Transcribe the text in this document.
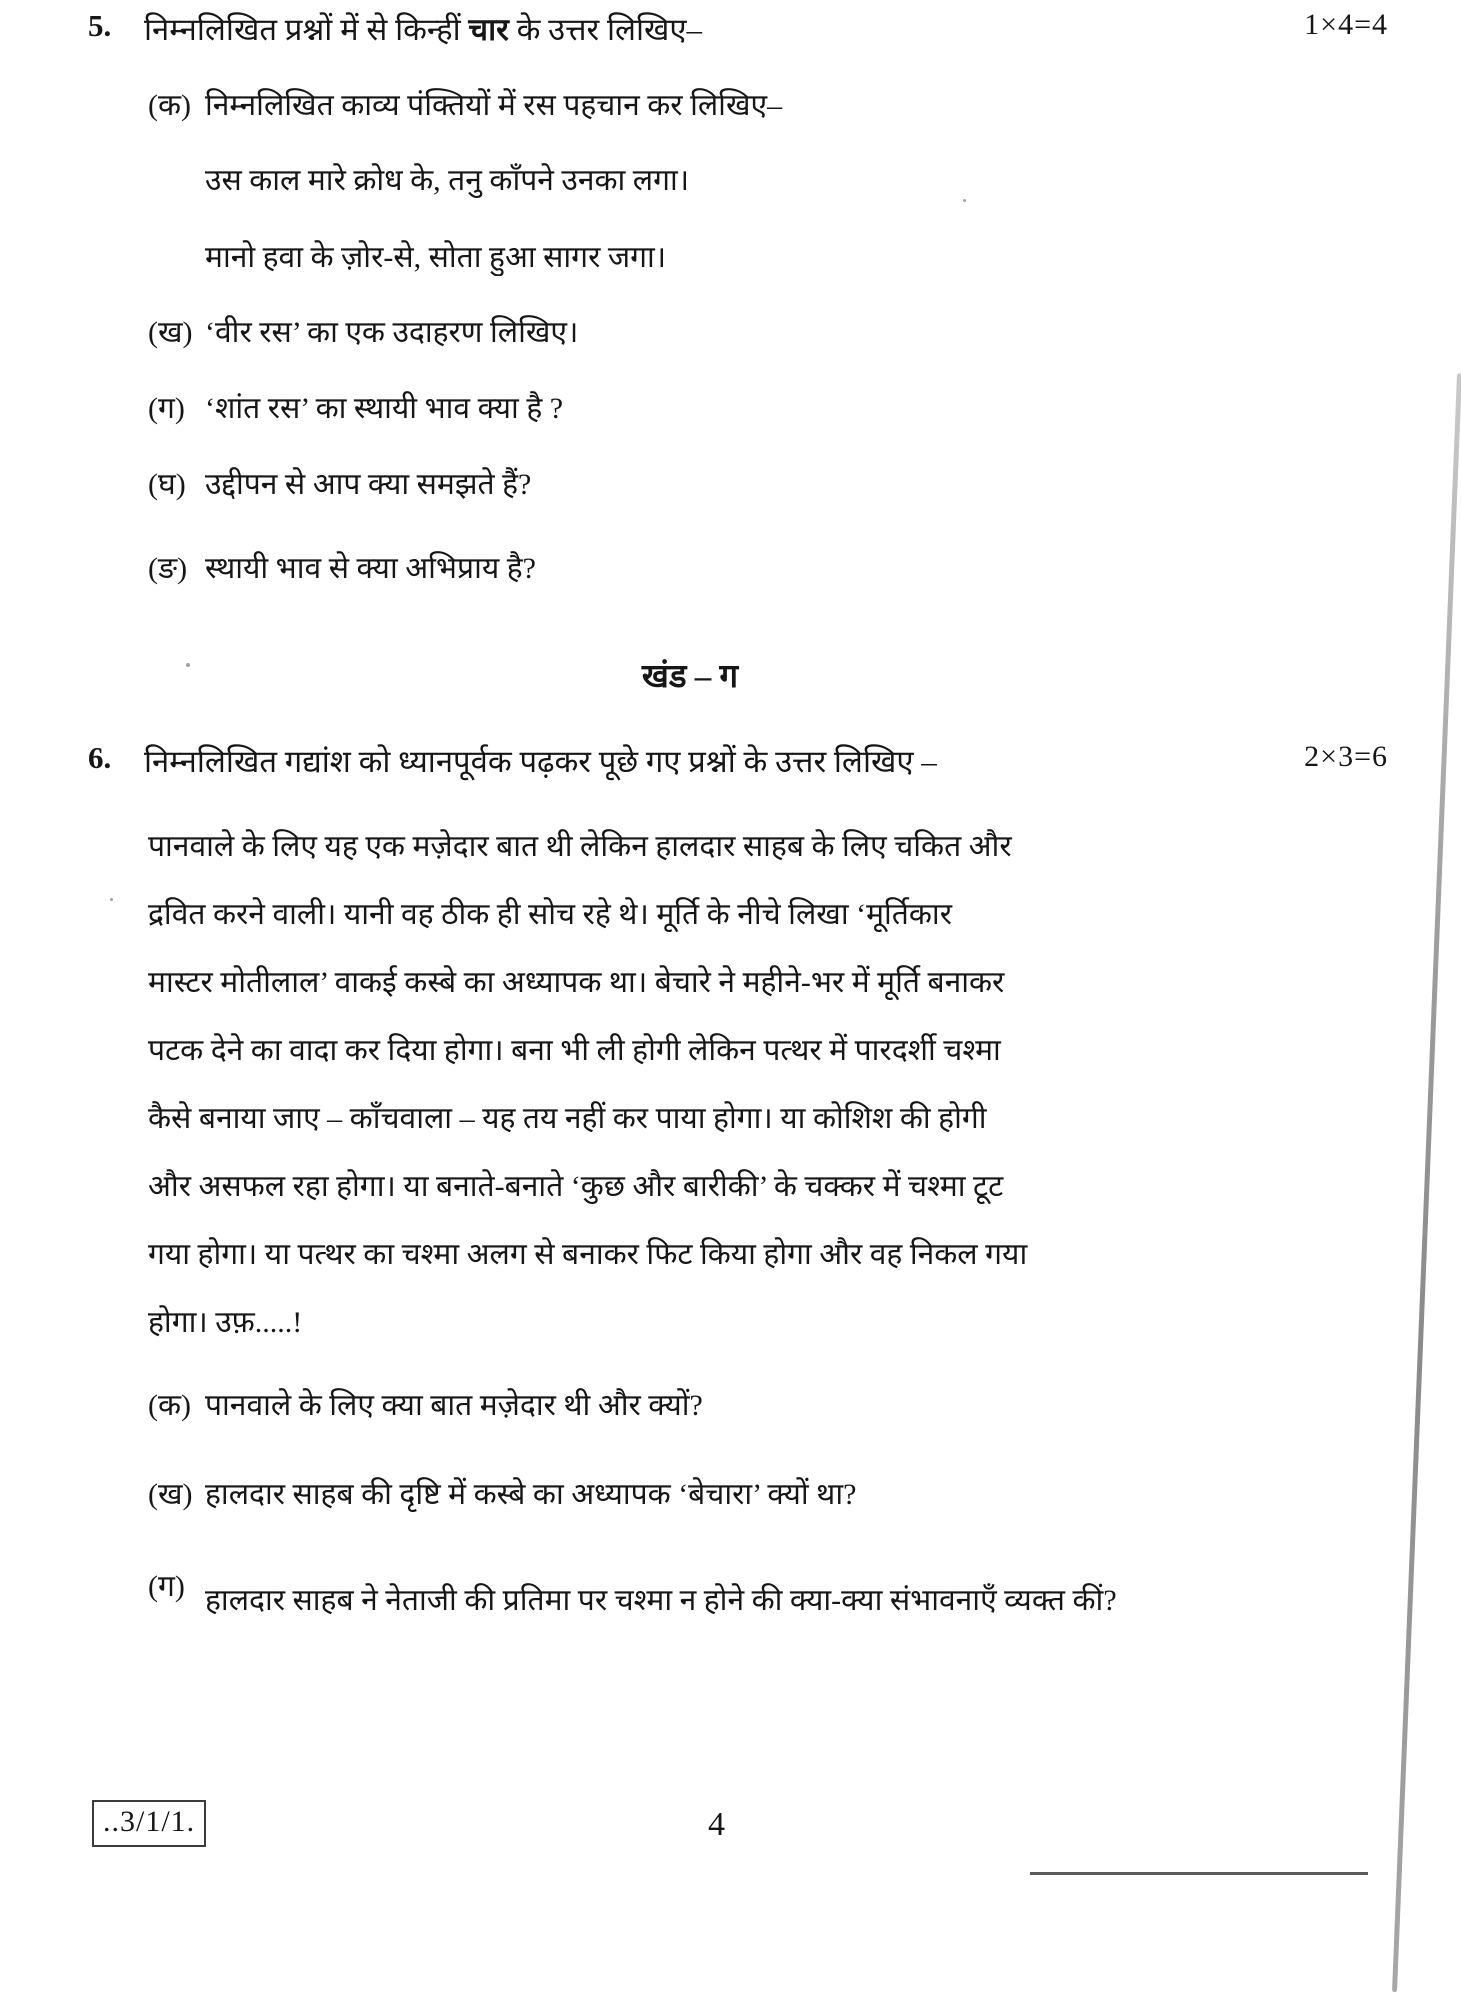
5.	निम्नलिखित प्रश्नों में से किन्हीं चार के उत्तर लिखिए–	1×4=4
(क) निम्नलिखित काव्य पंक्तियों में रस पहचान कर लिखिए–
उस काल मारे क्रोध के, तनु काँपने उनका लगा।
मानो हवा के ज़ोर-से, सोता हुआ सागर जगा।
(ख) ‘वीर रस’ का एक उदाहरण लिखिए।
(ग) ‘शांत रस’ का स्थायी भाव क्या है ?
(घ) उद्दीपन से आप क्या समझते हैं?
(ङ) स्थायी भाव से क्या अभिप्राय है?
खंड – ग
6.	निम्नलिखित गद्यांश को ध्यानपूर्वक पढ़कर पूछे गए प्रश्नों के उत्तर लिखिए –	2×3=6
पानवाले के लिए यह एक मज़ेदार बात थी लेकिन हालदार साहब के लिए चकित और
द्रवित करने वाली। यानी वह ठीक ही सोच रहे थे। मूर्ति के नीचे लिखा ‘मूर्तिकार
मास्टर मोतीलाल’ वाकई कस्बे का अध्यापक था। बेचारे ने महीने-भर में मूर्ति बनाकर
पटक देने का वादा कर दिया होगा। बना भी ली होगी लेकिन पत्थर में पारदर्शी चश्मा
कैसे बनाया जाए – काँचवाला – यह तय नहीं कर पाया होगा। या कोशिश की होगी
और असफल रहा होगा। या बनाते-बनाते ‘कुछ और बारीकी’ के चक्कर में चश्मा टूट
गया होगा। या पत्थर का चश्मा अलग से बनाकर फिट किया होगा और वह निकल गया
होगा। उफ़.....!
(क) पानवाले के लिए क्या बात मज़ेदार थी और क्यों?
(ख) हालदार साहब की दृष्टि में कस्बे का अध्यापक ‘बेचारा’ क्यों था?
(ग) हालदार साहब ने नेताजी की प्रतिमा पर चश्मा न होने की क्या-क्या संभावनाएँ व्यक्त कीं?
..3/1/1.	4
